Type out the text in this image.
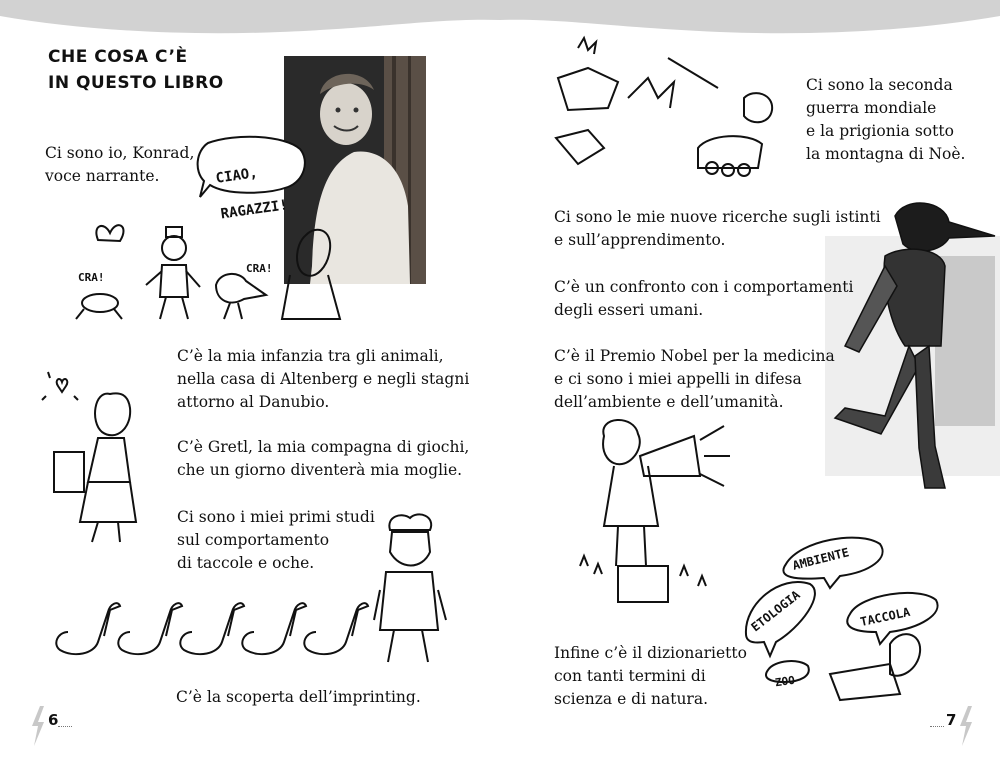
CHE COSA C’È
IN QUESTO LIBRO
Ci sono io, Konrad,
voce narrante.	CIAO,

RAGAZZI!

CRA!
CRA!
C’è la mia infanzia tra gli animali,
nella casa di Altenberg e negli stagni
attorno al Danubio.
C’è Gretl, la mia compagna di giochi,
che un giorno diventerà mia moglie.
Ci sono i miei primi studi
sul comportamento
di taccole e oche.
C’è la scoperta dell’imprinting.
6
Ci sono la seconda
guerra mondiale
e la prigionia sotto
la montagna di Noè.
Ci sono le mie nuove ricerche sugli istinti
e sull’apprendimento.
C’è un confronto con i comportamenti
degli esseri umani.
C’è il Premio Nobel per la medicina
e ci sono i miei appelli in difesa
dell’ambiente e dell’umanità.
Infine c’è il dizionarietto
con tanti termini di
scienza e di natura.
AMBIENTE
ETOLOGIA	TACCOLA
ZOO
7
